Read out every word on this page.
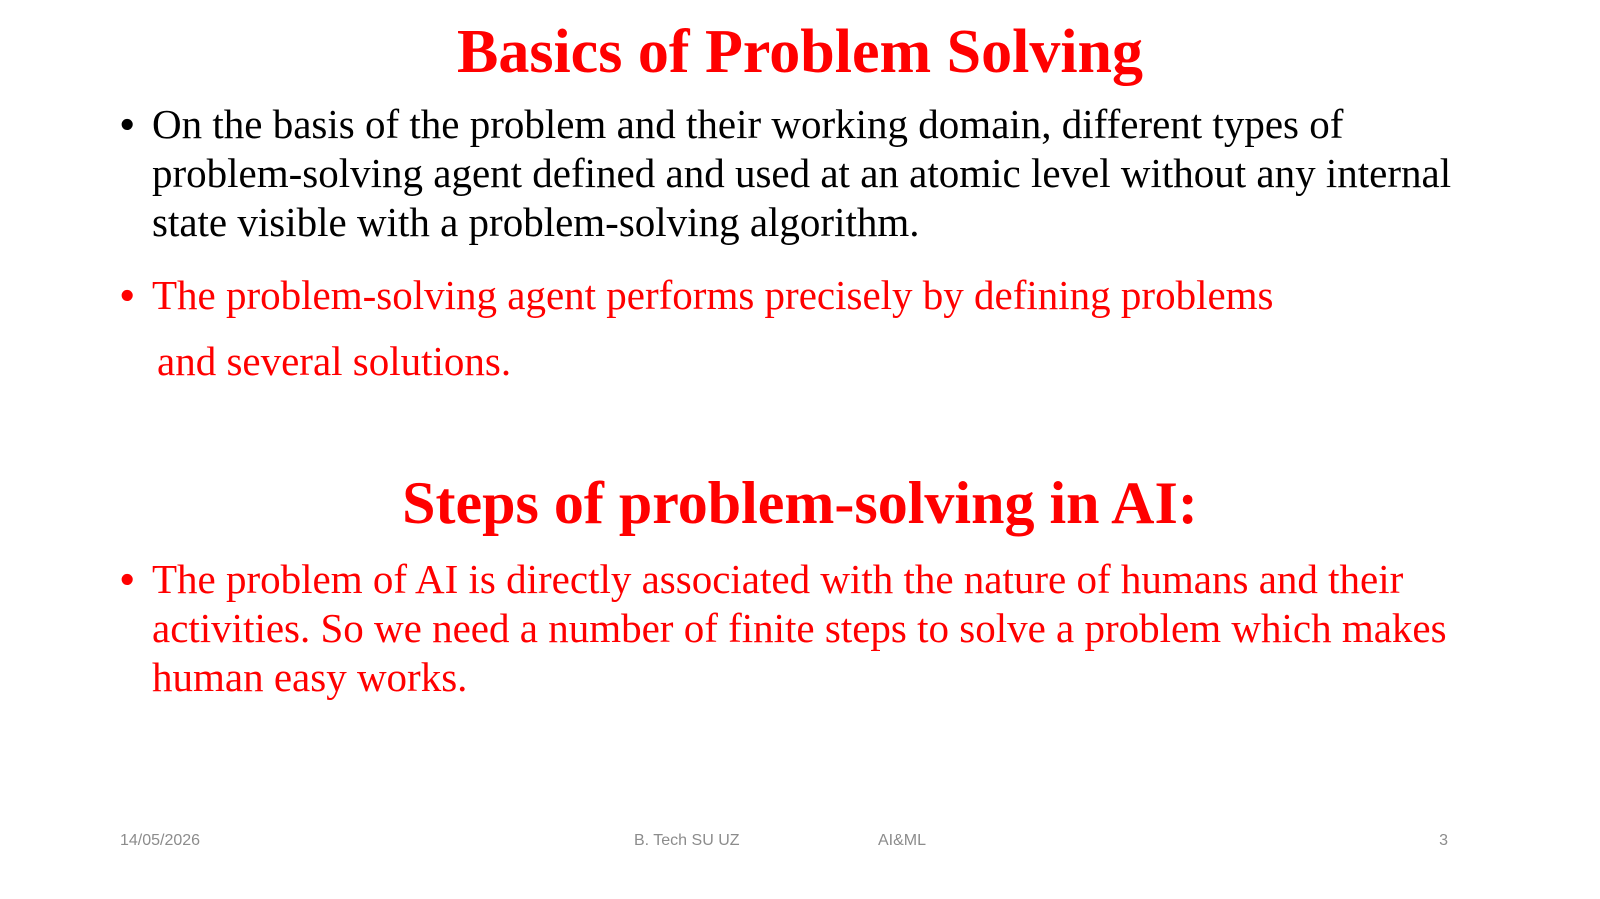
Basics of Problem Solving
• On the basis of the problem and their working domain, different types of problem-solving agent defined and used at an atomic level without any internal state visible with a problem-solving algorithm.
• The problem-solving agent performs precisely by defining problems
and several solutions.
Steps of problem-solving in AI:
• The problem of AI is directly associated with the nature of humans and their activities. So we need a number of finite steps to solve a problem which makes human easy works.
14/05/2026	B. Tech SU UZ	AI&ML	3
